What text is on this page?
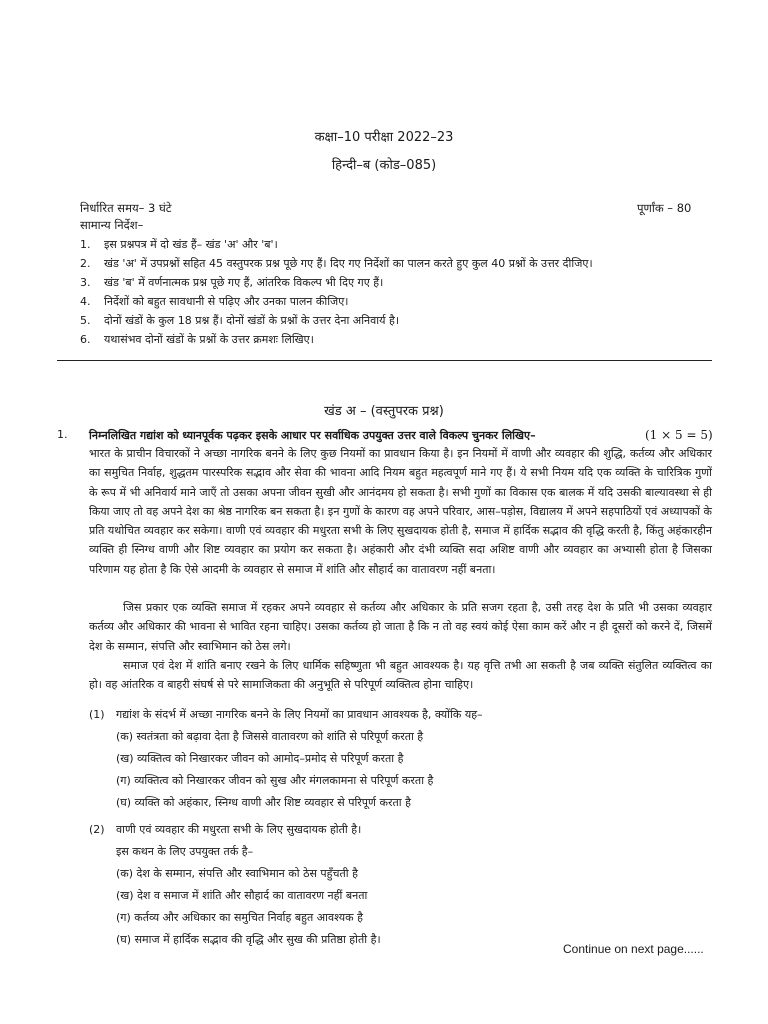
कक्षा–10 परीक्षा 2022–23
हिन्दी–ब (कोड–085)
निर्धारित समय– 3 घंटे	पूर्णांक – 80
सामान्य निर्देश–
1. इस प्रश्नपत्र में दो खंड हैं– खंड 'अ' और 'ब'।
2. खंड 'अ' में उपप्रश्नों सहित 45 वस्तुपरक प्रश्न पूछे गए हैं। दिए गए निर्देशों का पालन करते हुए कुल 40 प्रश्नों के उत्तर दीजिए।
3. खंड 'ब' में वर्णनात्मक प्रश्न पूछे गए हैं, आंतरिक विकल्प भी दिए गए हैं।
4. निर्देशों को बहुत सावधानी से पढ़िए और उनका पालन कीजिए।
5. दोनों खंडों के कुल 18 प्रश्न हैं। दोनों खंडों के प्रश्नों के उत्तर देना अनिवार्य है।
6. यथासंभव दोनों खंडों के प्रश्नों के उत्तर क्रमशः लिखिए।
खंड अ – (वस्तुपरक प्रश्न)
1. निम्नलिखित गद्यांश को ध्यानपूर्वक पढ़कर इसके आधार पर सर्वाधिक उपयुक्त उत्तर वाले विकल्प चुनकर लिखिए–	(1 × 5 = 5)
भारत के प्राचीन विचारकों ने अच्छा नागरिक बनने के लिए कुछ नियमों का प्रावधान किया है। इन नियमों में वाणी और व्यवहार की शुद्धि, कर्तव्य और अधिकार का समुचित निर्वाह, शुद्धतम पारस्परिक सद्भाव और सेवा की भावना आदि नियम बहुत महत्वपूर्ण माने गए हैं। ये सभी नियम यदि एक व्यक्ति के चारित्रिक गुणों के रूप में भी अनिवार्य माने जाएँ तो उसका अपना जीवन सुखी और आनंदमय हो सकता है। सभी गुणों का विकास एक बालक में यदि उसकी बाल्यावस्था से ही किया जाए तो वह अपने देश का श्रेष्ठ नागरिक बन सकता है। इन गुणों के कारण वह अपने परिवार, आस–पड़ोस, विद्यालय में अपने सहपाठियों एवं अध्यापकों के प्रति यथोचित व्यवहार कर सकेगा। वाणी एवं व्यवहार की मधुरता सभी के लिए सुखदायक होती है, समाज में हार्दिक सद्भाव की वृद्धि करती है, किंतु अहंकारहीन व्यक्ति ही स्निग्ध वाणी और शिष्ट व्यवहार का प्रयोग कर सकता है। अहंकारी और दंभी व्यक्ति सदा अशिष्ट वाणी और व्यवहार का अभ्यासी होता है जिसका परिणाम यह होता है कि ऐसे आदमी के व्यवहार से समाज में शांति और सौहार्द का वातावरण नहीं बनता।
जिस प्रकार एक व्यक्ति समाज में रहकर अपने व्यवहार से कर्तव्य और अधिकार के प्रति सजग रहता है, उसी तरह देश के प्रति भी उसका व्यवहार कर्तव्य और अधिकार की भावना से भावित रहना चाहिए। उसका कर्तव्य हो जाता है कि न तो वह स्वयं कोई ऐसा काम करें और न ही दूसरों को करने दें, जिसमें देश के सम्मान, संपत्ति और स्वाभिमान को ठेस लगे।
समाज एवं देश में शांति बनाए रखने के लिए धार्मिक सहिष्णुता भी बहुत आवश्यक है। यह वृत्ति तभी आ सकती है जब व्यक्ति संतुलित व्यक्तित्व का हो। वह आंतरिक व बाहरी संघर्ष से परे सामाजिकता की अनुभूति से परिपूर्ण व्यक्तित्व होना चाहिए।
(1) गद्यांश के संदर्भ में अच्छा नागरिक बनने के लिए नियमों का प्रावधान आवश्यक है, क्योंकि यह–
(क) स्वतंत्रता को बढ़ावा देता है जिससे वातावरण को शांति से परिपूर्ण करता है
(ख) व्यक्तित्व को निखारकर जीवन को आमोद–प्रमोद से परिपूर्ण करता है
(ग) व्यक्तित्व को निखारकर जीवन को सुख और मंगलकामना से परिपूर्ण करता है
(घ) व्यक्ति को अहंकार, स्निग्ध वाणी और शिष्ट व्यवहार से परिपूर्ण करता है
(2) वाणी एवं व्यवहार की मधुरता सभी के लिए सुखदायक होती है।
इस कथन के लिए उपयुक्त तर्क है–
(क) देश के सम्मान, संपत्ति और स्वाभिमान को ठेस पहुँचती है
(ख) देश व समाज में शांति और सौहार्द का वातावरण नहीं बनता
(ग) कर्तव्य और अधिकार का समुचित निर्वाह बहुत आवश्यक है
(घ) समाज में हार्दिक सद्भाव की वृद्धि और सुख की प्रतिष्ठा होती है।
Continue on next page......
